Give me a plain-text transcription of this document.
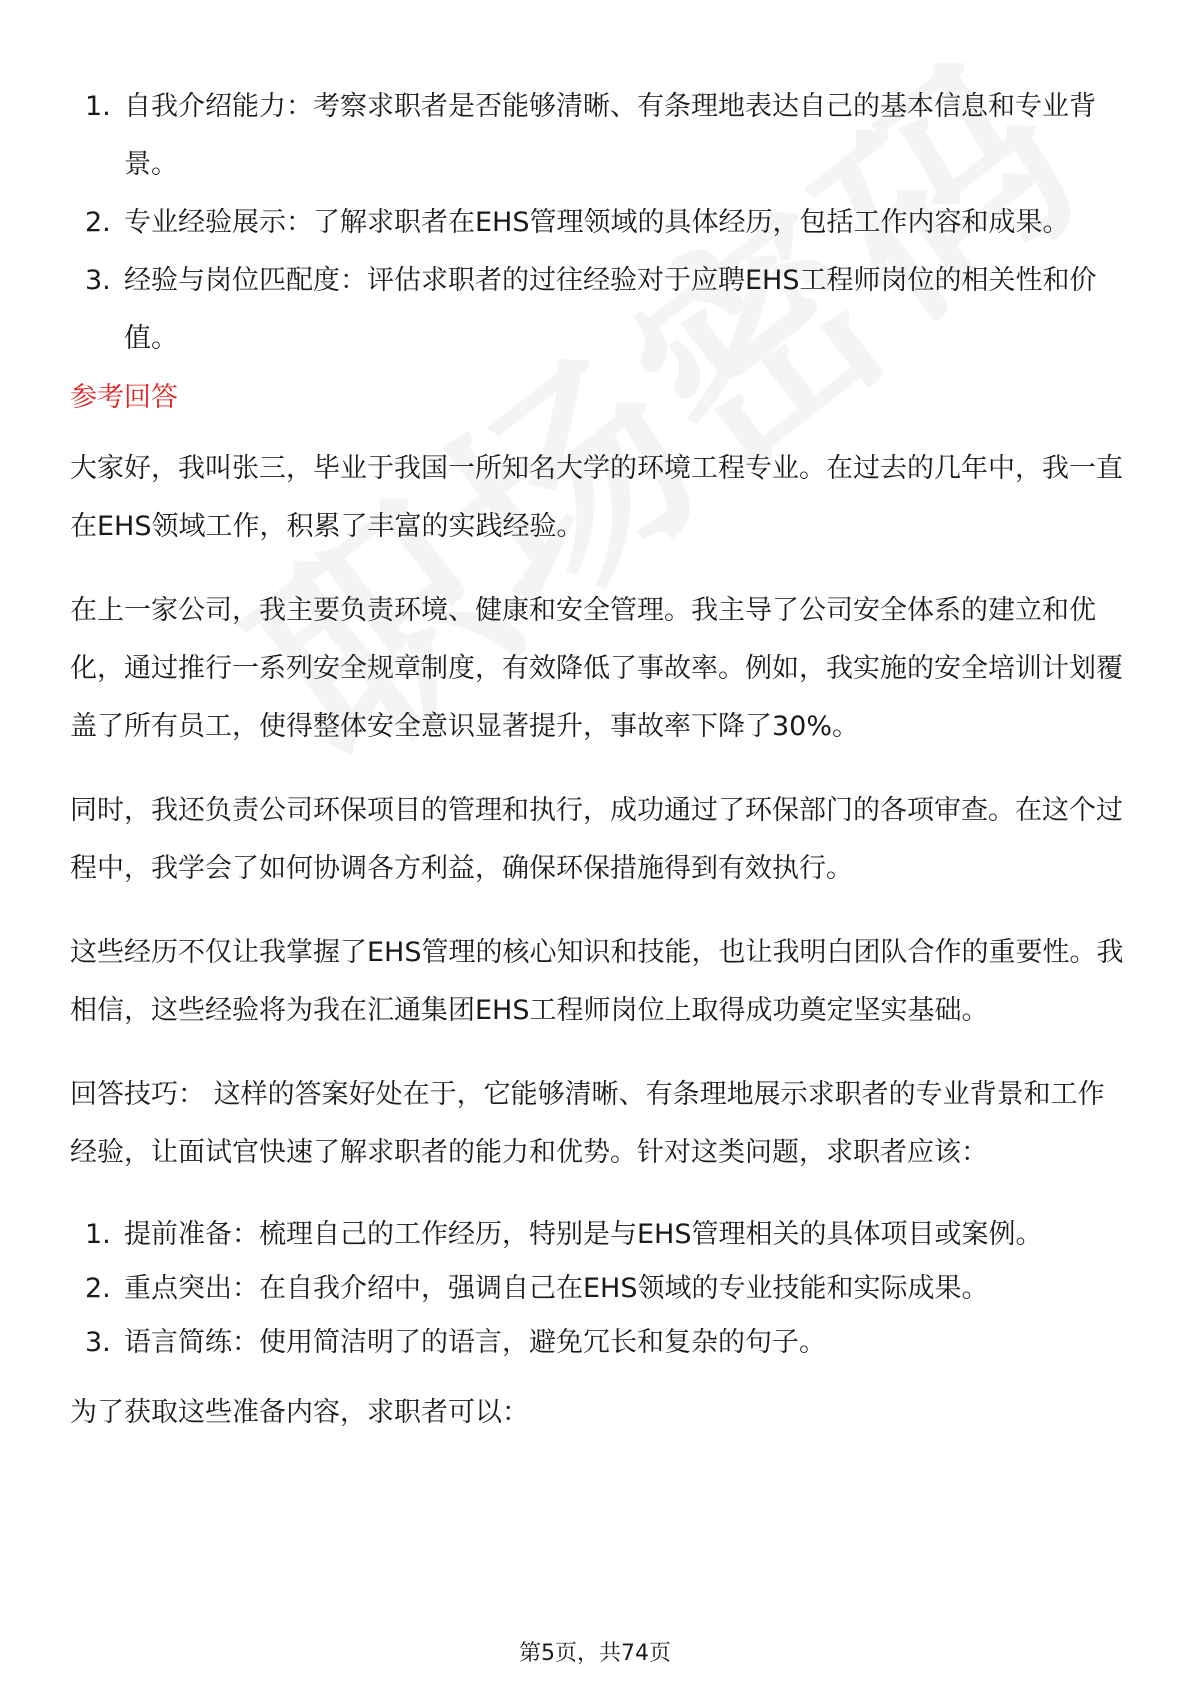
1. 自我介绍能力：考察求职者是否能够清晰、有条理地表达自己的基本信息和专业背景。
2. 专业经验展示：了解求职者在EHS管理领域的具体经历，包括工作内容和成果。
3. 经验与岗位匹配度：评估求职者的过往经验对于应聘EHS工程师岗位的相关性和价值。
参考回答

大家好，我叫张三，毕业于我国一所知名大学的环境工程专业。在过去的几年中，我一直在EHS领域工作，积累了丰富的实践经验。

在上一家公司，我主要负责环境、健康和安全管理。我主导了公司安全体系的建立和优化，通过推行一系列安全规章制度，有效降低了事故率。例如，我实施的安全培训计划覆盖了所有员工，使得整体安全意识显著提升，事故率下降了30%。

同时，我还负责公司环保项目的管理和执行，成功通过了环保部门的各项审查。在这个过程中，我学会了如何协调各方利益，确保环保措施得到有效执行。

这些经历不仅让我掌握了EHS管理的核心知识和技能，也让我明白团队合作的重要性。我相信，这些经验将为我在汇通集团EHS工程师岗位上取得成功奠定坚实基础。

回答技巧： 这样的答案好处在于，它能够清晰、有条理地展示求职者的专业背景和工作经验，让面试官快速了解求职者的能力和优势。针对这类问题，求职者应该：

1. 提前准备：梳理自己的工作经历，特别是与EHS管理相关的具体项目或案例。
2. 重点突出：在自我介绍中，强调自己在EHS领域的专业技能和实际成果。
3. 语言简练：使用简洁明了的语言，避免冗长和复杂的句子。

为了获取这些准备内容，求职者可以：

第5页，共74页
